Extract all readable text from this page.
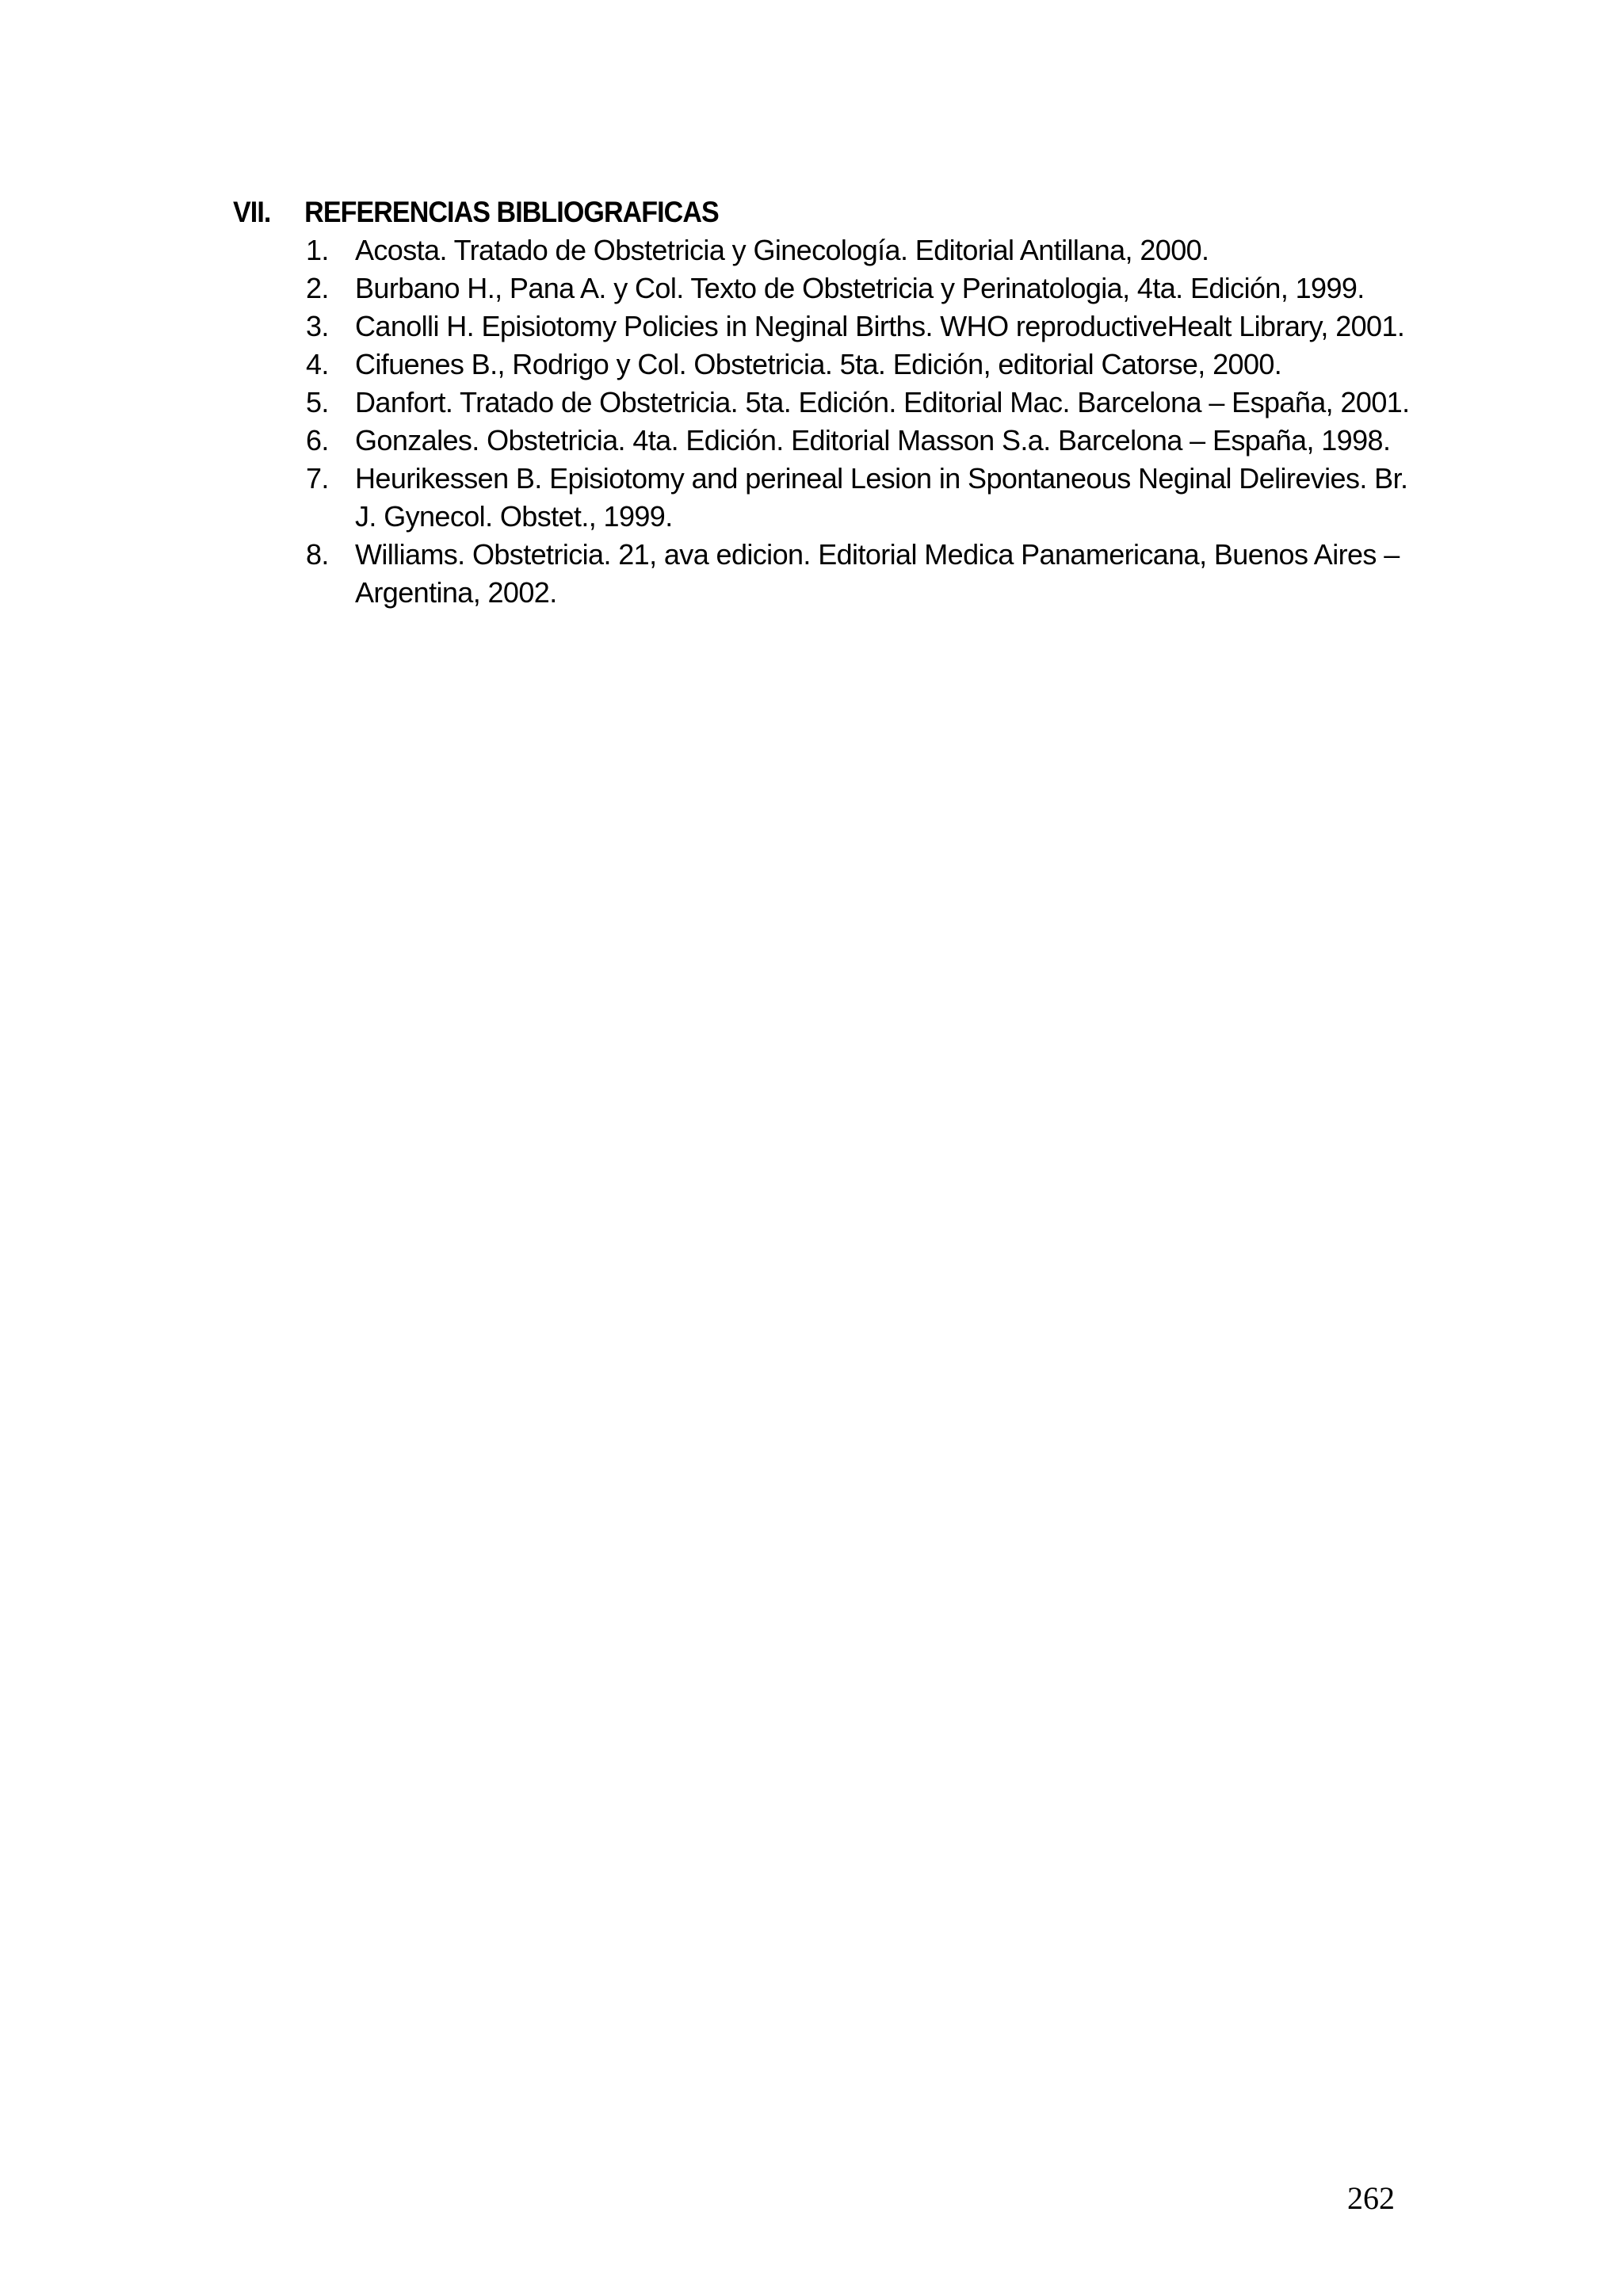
VII.	REFERENCIAS BIBLIOGRAFICAS
1. Acosta. Tratado de Obstetricia y Ginecología. Editorial Antillana, 2000.
2. Burbano H., Pana A. y Col. Texto de Obstetricia y Perinatologia, 4ta. Edición, 1999.
3. Canolli H. Episiotomy Policies in Neginal Births. WHO reproductiveHealt Library, 2001.
4. Cifuenes B., Rodrigo y Col. Obstetricia. 5ta. Edición, editorial Catorse, 2000.
5. Danfort. Tratado de Obstetricia. 5ta. Edición. Editorial Mac. Barcelona – España, 2001.
6. Gonzales. Obstetricia. 4ta. Edición. Editorial Masson S.a. Barcelona – España, 1998.
7. Heurikessen B. Episiotomy and perineal Lesion in Spontaneous Neginal Delirevies. Br. J. Gynecol. Obstet., 1999.
8. Williams. Obstetricia. 21, ava edicion. Editorial Medica Panamericana, Buenos Aires – Argentina, 2002.
262
